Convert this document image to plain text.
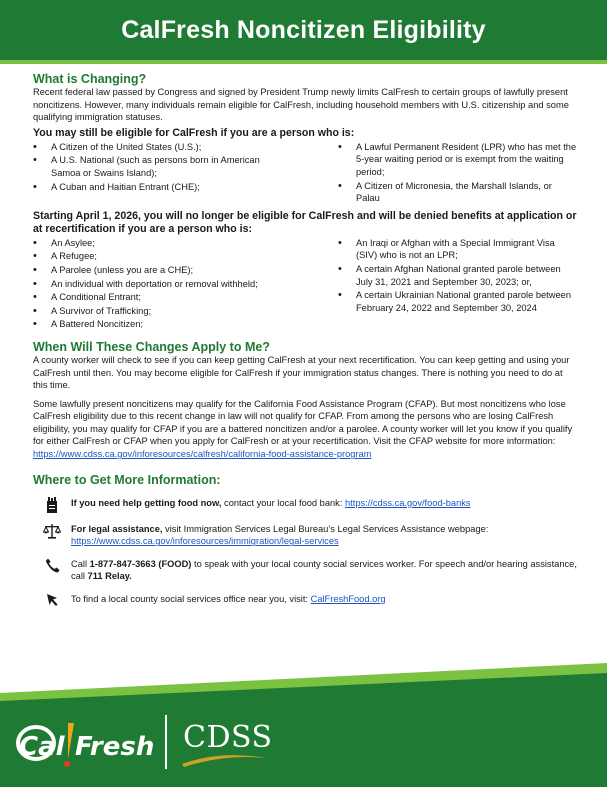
CalFresh Noncitizen Eligibility
What is Changing?

Recent federal law passed by Congress and signed by President Trump newly limits CalFresh to certain groups of lawfully present noncitizens. However, many individuals remain eligible for CalFresh, including household members with U.S. citizenship and some qualifying immigration statuses.

You may still be eligible for CalFresh if you are a person who is:

• A Citizen of the United States (U.S.);
• A U.S. National (such as persons born in American Samoa or Swains Island);
• A Cuban and Haitian Entrant (CHE);
• A Lawful Permanent Resident (LPR) who has met the 5-year waiting period or is exempt from the waiting period;
• A Citizen of Micronesia, the Marshall Islands, or Palau

Starting April 1, 2026, you will no longer be eligible for CalFresh and will be denied benefits at application or at recertification if you are a person who is:

• An Asylee;
• A Refugee;
• A Parolee (unless you are a CHE);
• An individual with deportation or removal withheld;
• A Conditional Entrant;
• A Survivor of Trafficking;
• A Battered Noncitizen;
• An Iraqi or Afghan with a Special Immigrant Visa (SIV) who is not an LPR;
• A certain Afghan National granted parole between July 31, 2021 and September 30, 2023; or,
• A certain Ukrainian National granted parole between February 24, 2022 and September 30, 2024
When Will These Changes Apply to Me?

A county worker will check to see if you can keep getting CalFresh at your next recertification. You can keep getting and using your CalFresh until then. You may become eligible for CalFresh if your immigration status changes. There is nothing you need to do at this time.

Some lawfully present noncitizens may qualify for the California Food Assistance Program (CFAP). But most noncitizens who lose CalFresh eligibility due to this recent change in law will not qualify for CFAP. From among the persons who are losing CalFresh eligibility, you may qualify for CFAP if you are a battered noncitizen and/or a parolee. A county worker will let you know if you qualify for either CalFresh or CFAP when you apply for CalFresh or at your recertification. Visit the CFAP website for more information: https://www.cdss.ca.gov/inforesources/calfresh/california-food-assistance-program

Where to Get More Information:
If you need help getting food now, contact your local food bank: https://cdss.ca.gov/food-banks
For legal assistance, visit Immigration Services Legal Bureau’s Legal Services Assistance webpage: https://www.cdss.ca.gov/inforesources/immigration/legal-services
Call 1-877-847-3663 (FOOD) to speak with your local county social services worker. For speech and/or hearing assistance, call 711 Relay.
To find a local county social services office near you, visit: CalFreshFood.org
Cal Fresh CDSS
